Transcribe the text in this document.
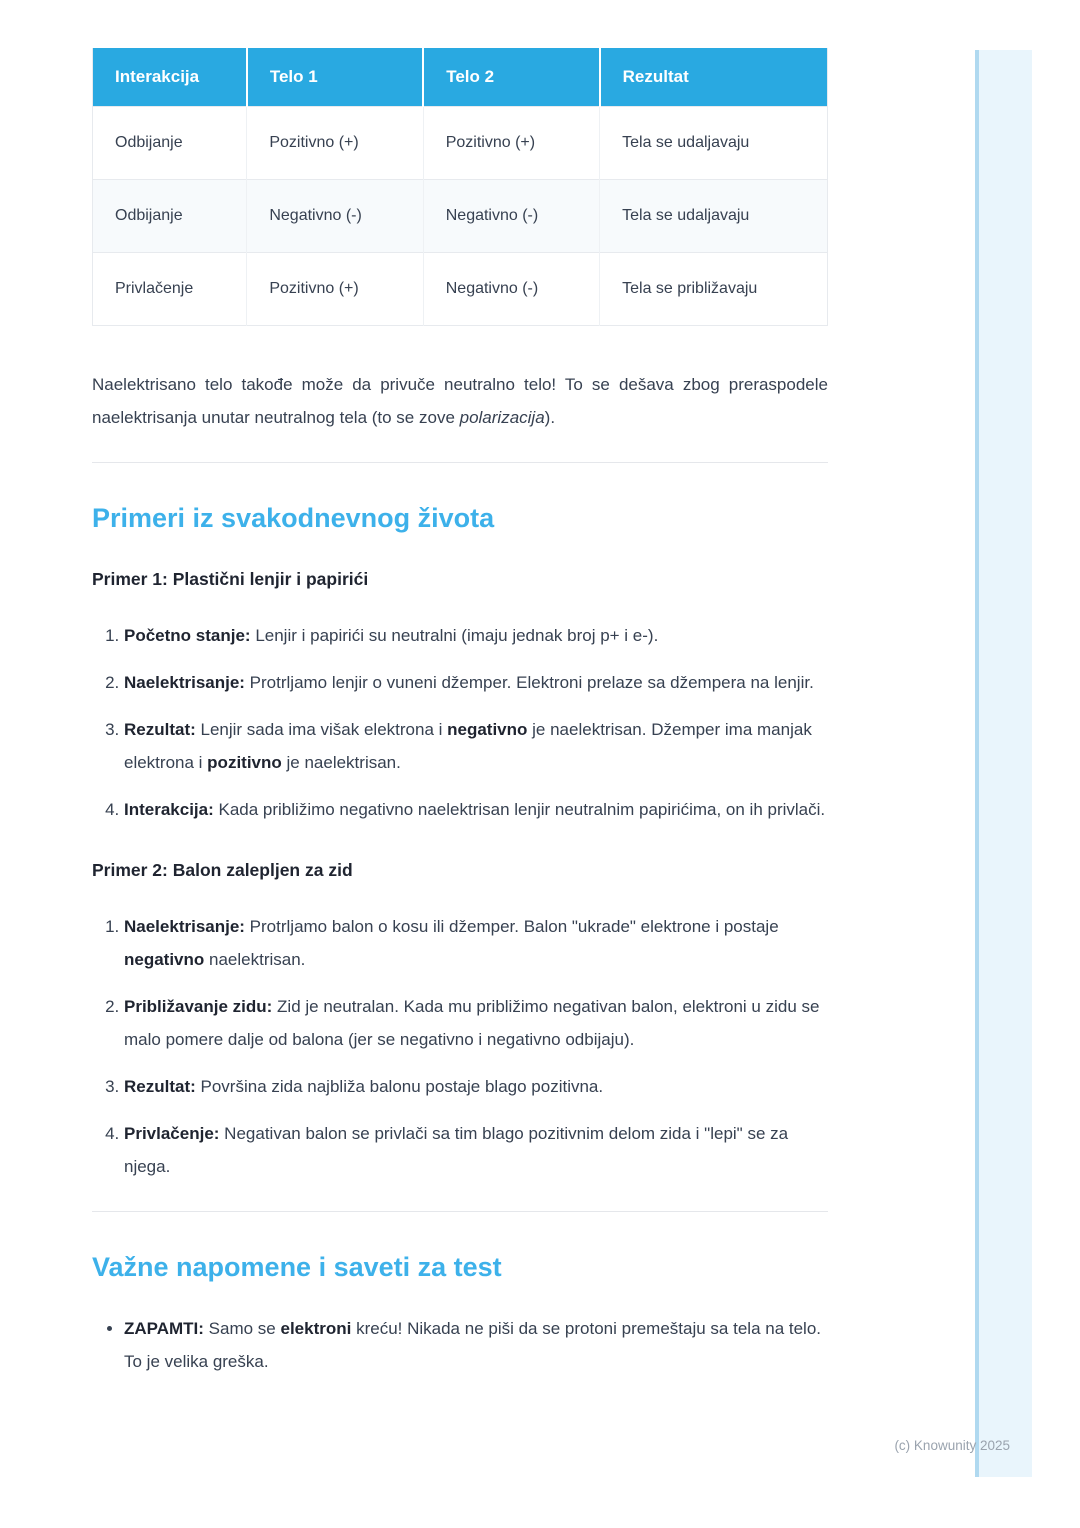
Interakcija	Telo 1	Telo 2	Rezultat
Odbijanje	Pozitivno (+)	Pozitivno (+)	Tela se udaljavaju
Odbijanje	Negativno (-)	Negativno (-)	Tela se udaljavaju
Privlačenje	Pozitivno (+)	Negativno (-)	Tela se približavaju

Naelektrisano telo takođe može da privuče neutralno telo! To se dešava zbog preraspodele naelektrisanja unutar neutralnog tela (to se zove polarizacija).

Primeri iz svakodnevnog života
Primer 1: Plastični lenjir i papirići
1. Početno stanje: Lenjir i papirići su neutralni (imaju jednak broj p+ i e-).
2. Naelektrisanje: Protrljamo lenjir o vuneni džemper. Elektroni prelaze sa džempera na lenjir.
3. Rezultat: Lenjir sada ima višak elektrona i negativno je naelektrisan. Džemper ima manjak elektrona i pozitivno je naelektrisan.
4. Interakcija: Kada približimo negativno naelektrisan lenjir neutralnim papirićima, on ih privlači.
Primer 2: Balon zalepljen za zid
1. Naelektrisanje: Protrljamo balon o kosu ili džemper. Balon "ukrade" elektrone i postaje negativno naelektrisan.
2. Približavanje zidu: Zid je neutralan. Kada mu približimo negativan balon, elektroni u zidu se malo pomere dalje od balona (jer se negativno i negativno odbijaju).
3. Rezultat: Površina zida najbliža balonu postaje blago pozitivna.
4. Privlačenje: Negativan balon se privlači sa tim blago pozitivnim delom zida i "lepi" se za njega.
Važne napomene i saveti za test
• ZAPAMTI: Samo se elektroni kreću! Nikada ne piši da se protoni premeštaju sa tela na telo. To je velika greška.
(c) Knowunity 2025
